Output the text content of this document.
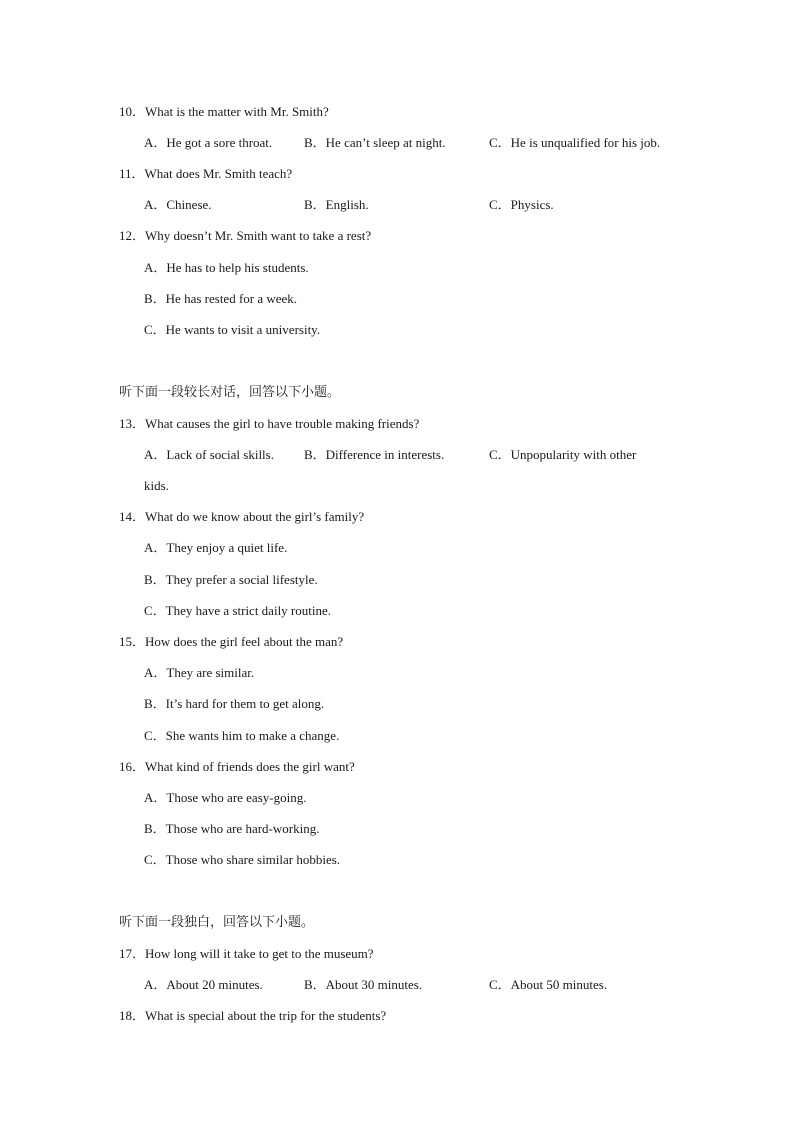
10．What is the matter with Mr. Smith?
A．He got a sore throat. B．He can’t sleep at night.	C．He is unqualified for his job.
11．What does Mr. Smith teach?
A．Chinese.	B．English.	C．Physics.
12．Why doesn’t Mr. Smith want to take a rest?
A．He has to help his students.
B．He has rested for a week.
C．He wants to visit a university.
听下面一段较长对话，回答以下小题。
13．What causes the girl to have trouble making friends?
A．Lack of social skills. B．Difference in interests.	C．Unpopularity with other
kids.
14．What do we know about the girl’s family?
A．They enjoy a quiet life.
B．They prefer a social lifestyle.
C．They have a strict daily routine.
15．How does the girl feel about the man?
A．They are similar.
B．It’s hard for them to get along.
C．She wants him to make a change.
16．What kind of friends does the girl want?
A．Those who are easy-going.
B．Those who are hard-working.
C．Those who share similar hobbies.
听下面一段独白，回答以下小题。
17．How long will it take to get to the museum?
A．About 20 minutes.	B．About 30 minutes.	C．About 50 minutes.
18．What is special about the trip for the students?
